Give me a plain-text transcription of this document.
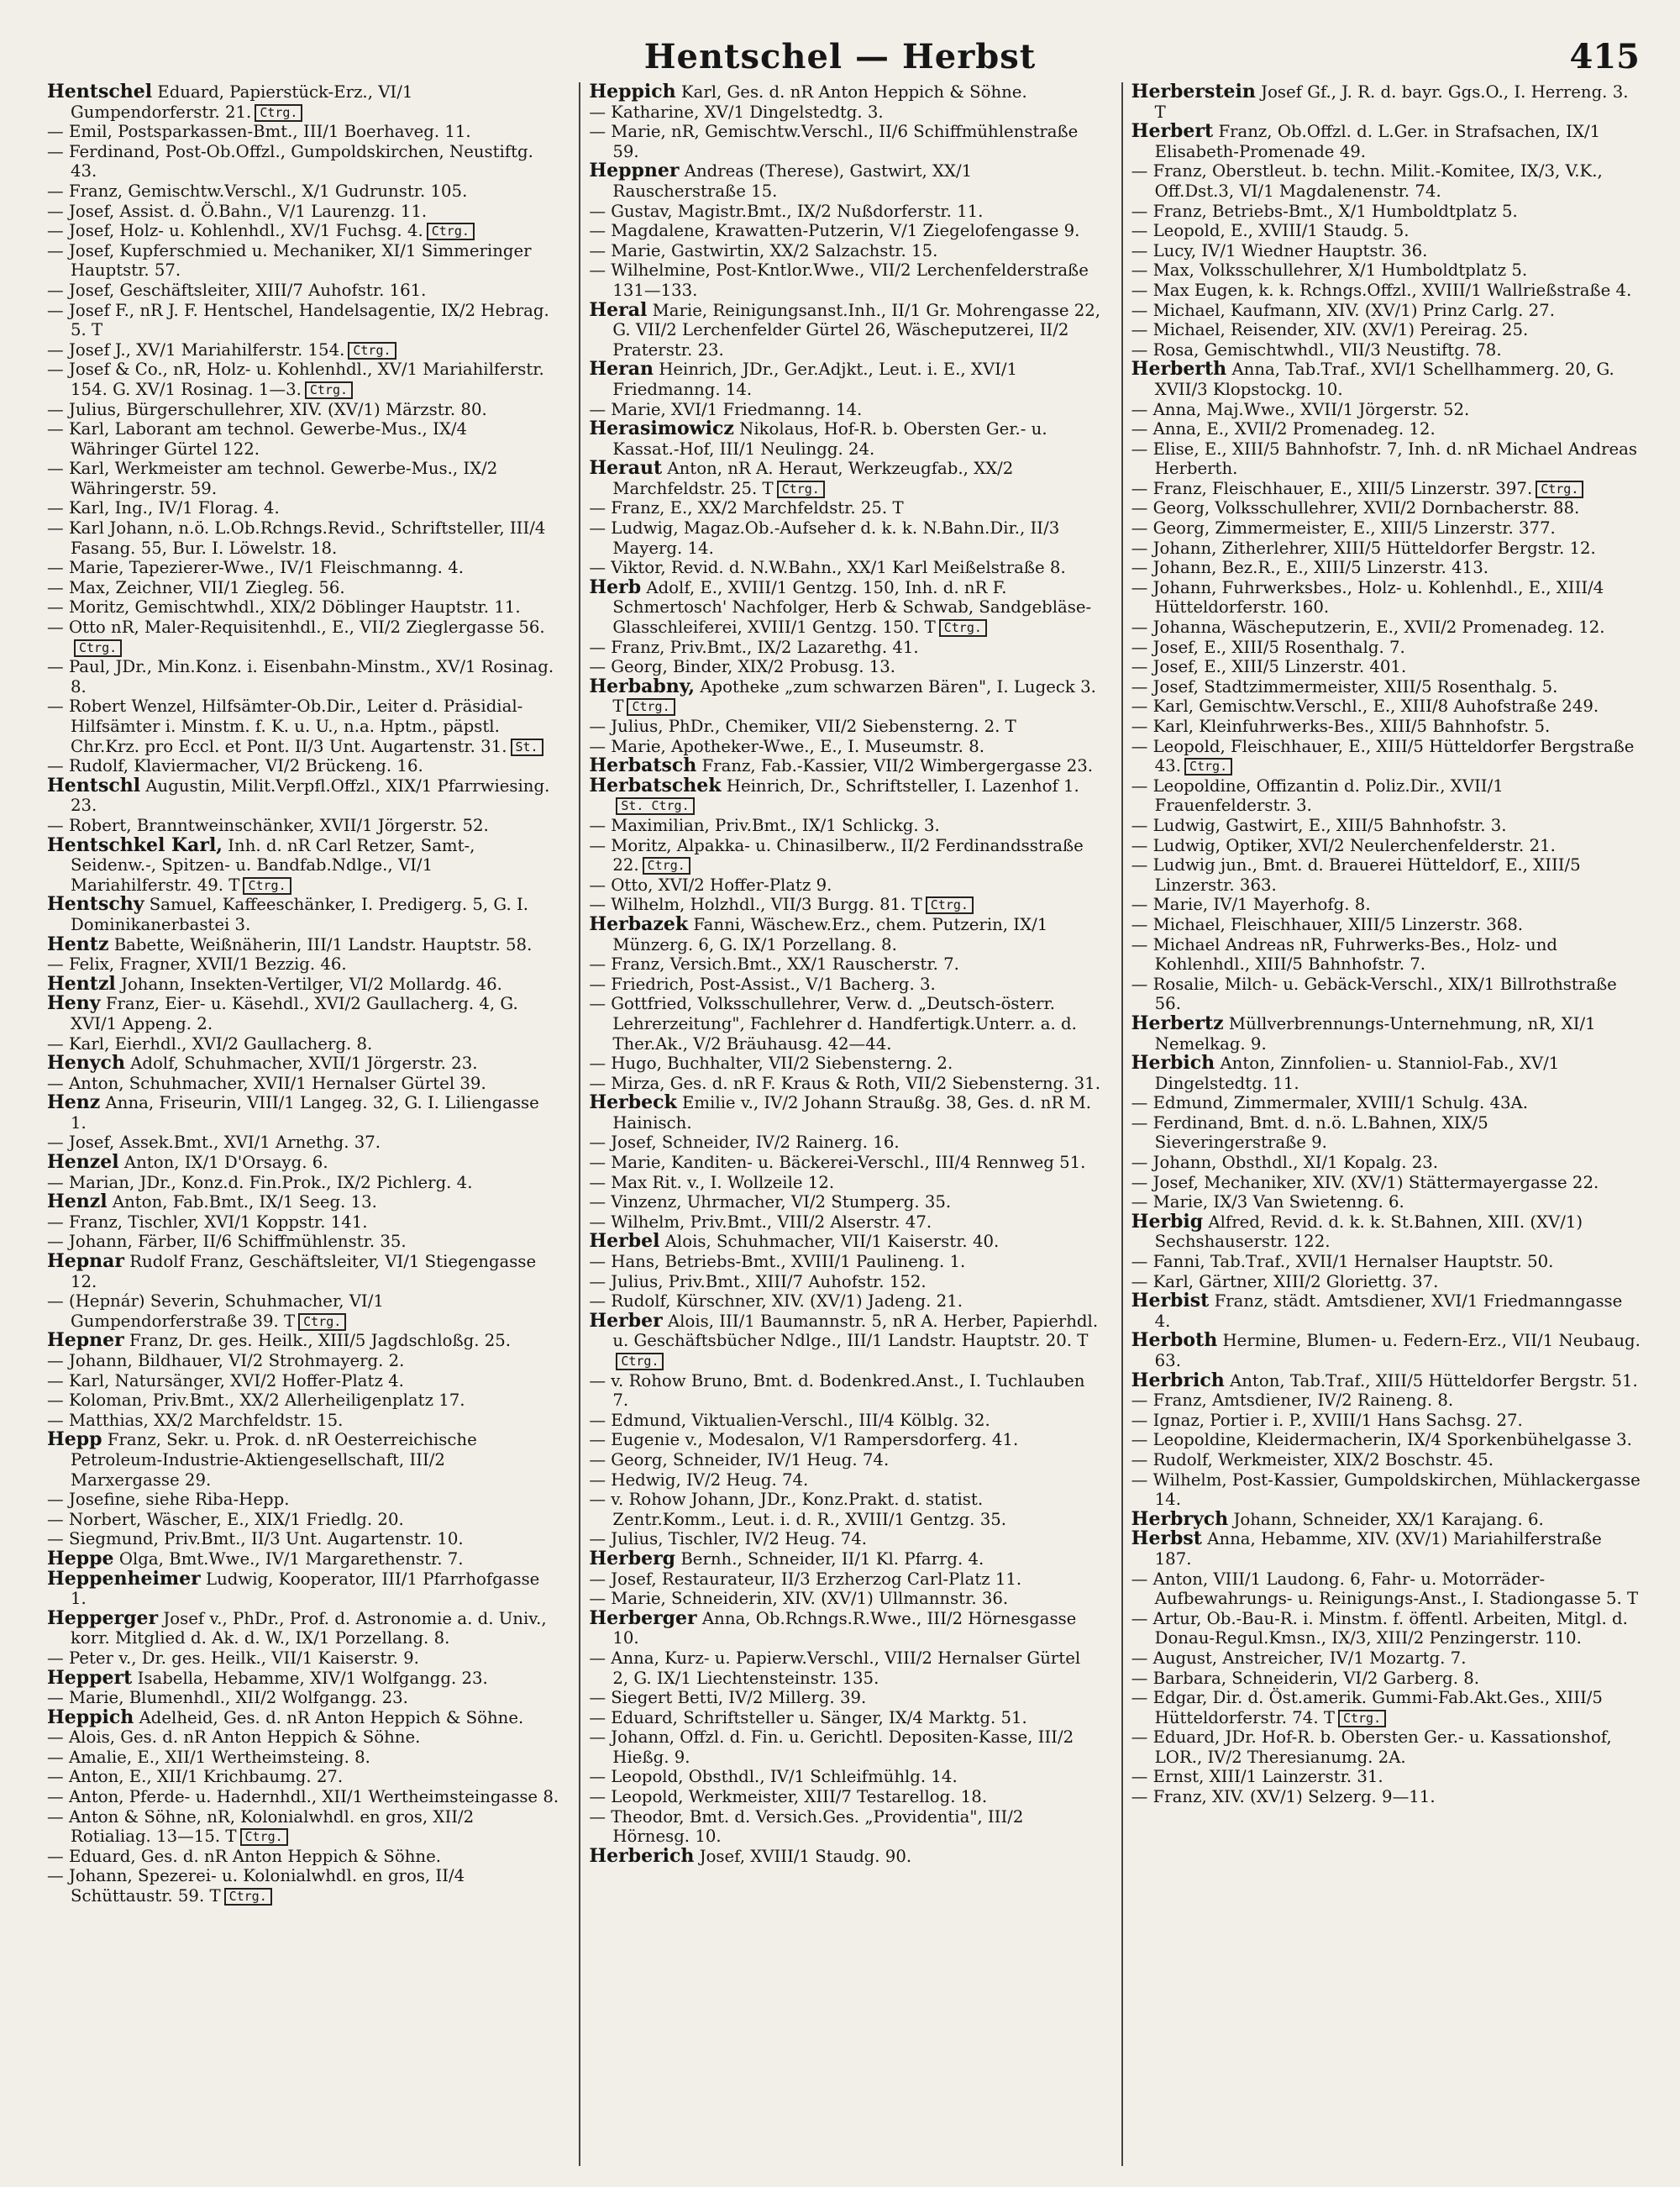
Hentschel — Herbst	415

Hentschel Eduard, Papierstück-Erz., VI/1 Gumpendorferstr. 21. Ctrg.

— Emil, Postsparkassen-Bmt., III/1 Boerhaveg. 11.

— Ferdinand, Post-Ob.Offzl., Gumpoldskirchen, Neustiftg. 43.

— Franz, Gemischtw.Verschl., X/1 Gudrunstr. 105.

— Josef, Assist. d. Ö.Bahn., V/1 Laurenzg. 11.

— Josef, Holz- u. Kohlenhdl., XV/1 Fuchsg. 4. Ctrg.

— Josef, Kupferschmied u. Mechaniker, XI/1 Simmeringer Hauptstr. 57.

— Josef, Geschäftsleiter, XIII/7 Auhofstr. 161.

— Josef F., nR J. F. Hentschel, Handelsagentie, IX/2 Hebrag. 5. T

— Josef J., XV/1 Mariahilferstr. 154. Ctrg.

— Josef & Co., nR, Holz- u. Kohlenhdl., XV/1 Mariahilferstr. 154. G. XV/1 Rosinag. 1—3. Ctrg.

— Julius, Bürgerschullehrer, XIV. (XV/1) Märzstr. 80.

— Karl, Laborant am technol. Gewerbe-Mus., IX/4 Währinger Gürtel 122.

— Karl, Werkmeister am technol. Gewerbe-Mus., IX/2 Währingerstr. 59.

— Karl, Ing., IV/1 Florag. 4.

— Karl Johann, n.ö. L.Ob.Rchngs.Revid., Schriftsteller, III/4 Fasang. 55, Bur. I. Löwelstr. 18.

— Marie, Tapezierer-Wwe., IV/1 Fleischmanng. 4.

— Max, Zeichner, VII/1 Ziegleg. 56.

— Moritz, Gemischtwhdl., XIX/2 Döblinger Hauptstr. 11.

— Otto nR, Maler-Requisitenhdl., E., VII/2 Zieglergasse 56.Ctrg.

— Paul, JDr., Min.Konz. i. Eisenbahn-Minstm., XV/1 Rosinag. 8.

— Robert Wenzel, Hilfsämter-Ob.Dir., Leiter d. Präsidial-Hilfsämter i. Minstm. f. K. u. U., n.a. Hptm., päpstl. Chr.Krz. pro Eccl. et Pont. II/3 Unt. Augartenstr. 31. St.

— Rudolf, Klaviermacher, VI/2 Brückeng. 16.

Hentschl Augustin, Milit.Verpfl.Offzl., XIX/1 Pfarrwiesing. 23.

— Robert, Branntweinschänker, XVII/1 Jörgerstr. 52.

Hentschkel Karl, Inh. d. nR Carl Retzer, Samt-, Seidenw.-, Spitzen- u. Bandfab.Ndlge., VI/1 Mariahilferstr. 49. T Ctrg.

Hentschy Samuel, Kaffeeschänker, I. Predigerg. 5, G. I. Dominikanerbastei 3.

Hentz Babette, Weißnäherin, III/1 Landstr. Hauptstr. 58.

— Felix, Fragner, XVII/1 Bezzig. 46.

Hentzl Johann, Insekten-Vertilger, VI/2 Mollardg. 46.

Heny Franz, Eier- u. Käsehdl., XVI/2 Gaullacherg. 4, G. XVI/1 Appeng. 2.

— Karl, Eierhdl., XVI/2 Gaullacherg. 8.

Henych Adolf, Schuhmacher, XVII/1 Jörgerstr. 23.

— Anton, Schuhmacher, XVII/1 Hernalser Gürtel 39.

Henz Anna, Friseurin, VIII/1 Langeg. 32, G. I. Liliengasse 1.

— Josef, Assek.Bmt., XVI/1 Arnethg. 37.

Henzel Anton, IX/1 D'Orsayg. 6.

— Marian, JDr., Konz.d. Fin.Prok., IX/2 Pichlerg. 4.

Henzl Anton, Fab.Bmt., IX/1 Seeg. 13.

— Franz, Tischler, XVI/1 Koppstr. 141.

— Johann, Färber, II/6 Schiffmühlenstr. 35.

Hepnar Rudolf Franz, Geschäftsleiter, VI/1 Stiegengasse 12.

— (Hepnár) Severin, Schuhmacher, VI/1 Gumpendorferstraße 39. T Ctrg.

Hepner Franz, Dr. ges. Heilk., XIII/5 Jagdschloßg. 25.

— Johann, Bildhauer, VI/2 Strohmayerg. 2.

— Karl, Natursänger, XVI/2 Hoffer-Platz 4.

— Koloman, Priv.Bmt., XX/2 Allerheiligenplatz 17.

— Matthias, XX/2 Marchfeldstr. 15.

Hepp Franz, Sekr. u. Prok. d. nR Oesterreichische Petroleum-Industrie-Aktiengesellschaft, III/2 Marxergasse 29.

— Josefine, siehe Riba-Hepp.

— Norbert, Wäscher, E., XIX/1 Friedlg. 20.

— Siegmund, Priv.Bmt., II/3 Unt. Augartenstr. 10.

Heppe Olga, Bmt.Wwe., IV/1 Margarethenstr. 7.

Heppenheimer Ludwig, Kooperator, III/1 Pfarrhofgasse 1.

Hepperger Josef v., PhDr., Prof. d. Astronomie a. d. Univ., korr. Mitglied d. Ak. d. W., IX/1 Porzellang. 8.

— Peter v., Dr. ges. Heilk., VII/1 Kaiserstr. 9.

Heppert Isabella, Hebamme, XIV/1 Wolfgangg. 23.

— Marie, Blumenhdl., XII/2 Wolfgangg. 23.

Heppich Adelheid, Ges. d. nR Anton Heppich & Söhne.

— Alois, Ges. d. nR Anton Heppich & Söhne.

— Amalie, E., XII/1 Wertheimsteing. 8.

— Anton, E., XII/1 Krichbaumg. 27.

— Anton, Pferde- u. Hadernhdl., XII/1 Wertheimsteingasse 8.

— Anton & Söhne, nR, Kolonialwhdl. en gros, XII/2 Rotialiag. 13—15. T Ctrg.

— Eduard, Ges. d. nR Anton Heppich & Söhne.

— Johann, Spezerei- u. Kolonialwhdl. en gros, II/4 Schüttaustr. 59. T Ctrg.

Heppich Karl, Ges. d. nR Anton Heppich & Söhne.

— Katharine, XV/1 Dingelstedtg. 3.

— Marie, nR, Gemischtw.Verschl., II/6 Schiffmühlenstraße 59.

Heppner Andreas (Therese), Gastwirt, XX/1 Rauscherstraße 15.

— Gustav, Magistr.Bmt., IX/2 Nußdorferstr. 11.

— Magdalene, Krawatten-Putzerin, V/1 Ziegelofengasse 9.

— Marie, Gastwirtin, XX/2 Salzachstr. 15.

— Wilhelmine, Post-Kntlor.Wwe., VII/2 Lerchenfelderstraße 131—133.

Heral Marie, Reinigungsanst.Inh., II/1 Gr. Mohrengasse 22, G. VII/2 Lerchenfelder Gürtel 26, Wäscheputzerei, II/2 Praterstr. 23.

Heran Heinrich, JDr., Ger.Adjkt., Leut. i. E., XVI/1 Friedmanng. 14.

— Marie, XVI/1 Friedmanng. 14.

Herasimowicz Nikolaus, Hof-R. b. Obersten Ger.- u. Kassat.-Hof, III/1 Neulingg. 24.

Heraut Anton, nR A. Heraut, Werkzeugfab., XX/2 Marchfeldstr. 25. T Ctrg.

— Franz, E., XX/2 Marchfeldstr. 25. T

— Ludwig, Magaz.Ob.-Aufseher d. k. k. N.Bahn.Dir., II/3 Mayerg. 14.

— Viktor, Revid. d. N.W.Bahn., XX/1 Karl Meißelstraße 8.

Herb Adolf, E., XVIII/1 Gentzg. 150, Inh. d. nR F. Schmertosch' Nachfolger, Herb & Schwab, Sandgebläse-Glasschleiferei, XVIII/1 Gentzg. 150. T Ctrg.

— Franz, Priv.Bmt., IX/2 Lazarethg. 41.

— Georg, Binder, XIX/2 Probusg. 13.

Herbabny, Apotheke „zum schwarzen Bären", I. Lugeck 3. T Ctrg.

— Julius, PhDr., Chemiker, VII/2 Siebensterng. 2. T

— Marie, Apotheker-Wwe., E., I. Museumstr. 8.

Herbatsch Franz, Fab.-Kassier, VII/2 Wimbergergasse 23.

Herbatschek Heinrich, Dr., Schriftsteller, I. Lazenhof 1.St. Ctrg.

— Maximilian, Priv.Bmt., IX/1 Schlickg. 3.

— Moritz, Alpakka- u. Chinasilberw., II/2 Ferdinandsstraße 22. Ctrg.

— Otto, XVI/2 Hoffer-Platz 9.

— Wilhelm, Holzhdl., VII/3 Burgg. 81. T Ctrg.

Herbazek Fanni, Wäschew.Erz., chem. Putzerin, IX/1 Münzerg. 6, G. IX/1 Porzellang. 8.

— Franz, Versich.Bmt., XX/1 Rauscherstr. 7.

— Friedrich, Post-Assist., V/1 Bacherg. 3.

— Gottfried, Volksschullehrer, Verw. d. „Deutsch-österr. Lehrerzeitung", Fachlehrer d. Handfertigk.Unterr. a. d. Ther.Ak., V/2 Bräuhausg. 42—44.

— Hugo, Buchhalter, VII/2 Siebensterng. 2.

— Mirza, Ges. d. nR F. Kraus & Roth, VII/2 Siebensterng. 31.

Herbeck Emilie v., IV/2 Johann Straußg. 38, Ges. d. nR M. Hainisch.

— Josef, Schneider, IV/2 Rainerg. 16.

— Marie, Kanditen- u. Bäckerei-Verschl., III/4 Rennweg 51.

— Max Rit. v., I. Wollzeile 12.

— Vinzenz, Uhrmacher, VI/2 Stumperg. 35.

— Wilhelm, Priv.Bmt., VIII/2 Alserstr. 47.

Herbel Alois, Schuhmacher, VII/1 Kaiserstr. 40.

— Hans, Betriebs-Bmt., XVIII/1 Paulineng. 1.

— Julius, Priv.Bmt., XIII/7 Auhofstr. 152.

— Rudolf, Kürschner, XIV. (XV/1) Jadeng. 21.

Herber Alois, III/1 Baumannstr. 5, nR A. Herber, Papierhdl. u. Geschäftsbücher Ndlge., III/1 Landstr. Hauptstr. 20. TCtrg.

— v. Rohow Bruno, Bmt. d. Bodenkred.Anst., I. Tuchlauben 7.

— Edmund, Viktualien-Verschl., III/4 Kölblg. 32.

— Eugenie v., Modesalon, V/1 Rampersdorferg. 41.

— Georg, Schneider, IV/1 Heug. 74.

— Hedwig, IV/2 Heug. 74.

— v. Rohow Johann, JDr., Konz.Prakt. d. statist. Zentr.Komm., Leut. i. d. R., XVIII/1 Gentzg. 35.

— Julius, Tischler, IV/2 Heug. 74.

Herberg Bernh., Schneider, II/1 Kl. Pfarrg. 4.

— Josef, Restaurateur, II/3 Erzherzog Carl-Platz 11.

— Marie, Schneiderin, XIV. (XV/1) Ullmannstr. 36.

Herberger Anna, Ob.Rchngs.R.Wwe., III/2 Hörnesgasse 10.

— Anna, Kurz- u. Papierw.Verschl., VIII/2 Hernalser Gürtel 2, G. IX/1 Liechtensteinstr. 135.

— Siegert Betti, IV/2 Millerg. 39.

— Eduard, Schriftsteller u. Sänger, IX/4 Marktg. 51.

— Johann, Offzl. d. Fin. u. Gerichtl. Depositen-Kasse, III/2 Hießg. 9.

— Leopold, Obsthdl., IV/1 Schleifmühlg. 14.

— Leopold, Werkmeister, XIII/7 Testarellog. 18.

— Theodor, Bmt. d. Versich.Ges. „Providentia", III/2 Hörnesg. 10.

Herberich Josef, XVIII/1 Staudg. 90.

Herberstein Josef Gf., J. R. d. bayr. Ggs.O., I. Herreng. 3. T

Herbert Franz, Ob.Offzl. d. L.Ger. in Strafsachen, IX/1 Elisabeth-Promenade 49.

— Franz, Oberstleut. b. techn. Milit.-Komitee, IX/3, V.K., Off.Dst.3, VI/1 Magdalenenstr. 74.

— Franz, Betriebs-Bmt., X/1 Humboldtplatz 5.

— Leopold, E., XVIII/1 Staudg. 5.

— Lucy, IV/1 Wiedner Hauptstr. 36.

— Max, Volksschullehrer, X/1 Humboldtplatz 5.

— Max Eugen, k. k. Rchngs.Offzl., XVIII/1 Wallrießstraße 4.

— Michael, Kaufmann, XIV. (XV/1) Prinz Carlg. 27.

— Michael, Reisender, XIV. (XV/1) Pereirag. 25.

— Rosa, Gemischtwhdl., VII/3 Neustiftg. 78.

Herberth Anna, Tab.Traf., XVI/1 Schellhammerg. 20, G. XVII/3 Klopstockg. 10.

— Anna, Maj.Wwe., XVII/1 Jörgerstr. 52.

— Anna, E., XVII/2 Promenadeg. 12.

— Elise, E., XIII/5 Bahnhofstr. 7, Inh. d. nR Michael Andreas Herberth.

— Franz, Fleischhauer, E., XIII/5 Linzerstr. 397. Ctrg.

— Georg, Volksschullehrer, XVII/2 Dornbacherstr. 88.

— Georg, Zimmermeister, E., XIII/5 Linzerstr. 377.

— Johann, Zitherlehrer, XIII/5 Hütteldorfer Bergstr. 12.

— Johann, Bez.R., E., XIII/5 Linzerstr. 413.

— Johann, Fuhrwerksbes., Holz- u. Kohlenhdl., E., XIII/4 Hütteldorferstr. 160.

— Johanna, Wäscheputzerin, E., XVII/2 Promenadeg. 12.

— Josef, E., XIII/5 Rosenthalg. 7.

— Josef, E., XIII/5 Linzerstr. 401.

— Josef, Stadtzimmermeister, XIII/5 Rosenthalg. 5.

— Karl, Gemischtw.Verschl., E., XIII/8 Auhofstraße 249.

— Karl, Kleinfuhrwerks-Bes., XIII/5 Bahnhofstr. 5.

— Leopold, Fleischhauer, E., XIII/5 Hütteldorfer Bergstraße 43. Ctrg.

— Leopoldine, Offizantin d. Poliz.Dir., XVII/1 Frauenfelderstr. 3.

— Ludwig, Gastwirt, E., XIII/5 Bahnhofstr. 3.

— Ludwig, Optiker, XVI/2 Neulerchenfelderstr. 21.

— Ludwig jun., Bmt. d. Brauerei Hütteldorf, E., XIII/5 Linzerstr. 363.

— Marie, IV/1 Mayerhofg. 8.

— Michael, Fleischhauer, XIII/5 Linzerstr. 368.

— Michael Andreas nR, Fuhrwerks-Bes., Holz- und Kohlenhdl., XIII/5 Bahnhofstr. 7.

— Rosalie, Milch- u. Gebäck-Verschl., XIX/1 Billrothstraße 56.

Herbertz Müllverbrennungs-Unternehmung, nR, XI/1 Nemelkag. 9.

Herbich Anton, Zinnfolien- u. Stanniol-Fab., XV/1 Dingelstedtg. 11.

— Edmund, Zimmermaler, XVIII/1 Schulg. 43A.

— Ferdinand, Bmt. d. n.ö. L.Bahnen, XIX/5 Sieveringerstraße 9.

— Johann, Obsthdl., XI/1 Kopalg. 23.

— Josef, Mechaniker, XIV. (XV/1) Stättermayergasse 22.

— Marie, IX/3 Van Swietenng. 6.

Herbig Alfred, Revid. d. k. k. St.Bahnen, XIII. (XV/1) Sechshauserstr. 122.

— Fanni, Tab.Traf., XVII/1 Hernalser Hauptstr. 50.

— Karl, Gärtner, XIII/2 Gloriettg. 37.

Herbist Franz, städt. Amtsdiener, XVI/1 Friedmanngasse 4.

Herboth Hermine, Blumen- u. Federn-Erz., VII/1 Neubaug. 63.

Herbrich Anton, Tab.Traf., XIII/5 Hütteldorfer Bergstr. 51.

— Franz, Amtsdiener, IV/2 Raineng. 8.

— Ignaz, Portier i. P., XVIII/1 Hans Sachsg. 27.

— Leopoldine, Kleidermacherin, IX/4 Sporkenbühelgasse 3.

— Rudolf, Werkmeister, XIX/2 Boschstr. 45.

— Wilhelm, Post-Kassier, Gumpoldskirchen, Mühlackergasse 14.

Herbrych Johann, Schneider, XX/1 Karajang. 6.

Herbst Anna, Hebamme, XIV. (XV/1) Mariahilferstraße 187.

— Anton, VIII/1 Laudong. 6, Fahr- u. Motorräder-Aufbewahrungs- u. Reinigungs-Anst., I. Stadiongasse 5. T

— Artur, Ob.-Bau-R. i. Minstm. f. öffentl. Arbeiten, Mitgl. d. Donau-Regul.Kmsn., IX/3, XIII/2 Penzingerstr. 110.

— August, Anstreicher, IV/1 Mozartg. 7.

— Barbara, Schneiderin, VI/2 Garberg. 8.

— Edgar, Dir. d. Öst.amerik. Gummi-Fab.Akt.Ges., XIII/5 Hütteldorferstr. 74. T Ctrg.

— Eduard, JDr. Hof-R. b. Obersten Ger.- u. Kassationshof, LOR., IV/2 Theresianumg. 2A.

— Ernst, XIII/1 Lainzerstr. 31.

— Franz, XIV. (XV/1) Selzerg. 9—11.
